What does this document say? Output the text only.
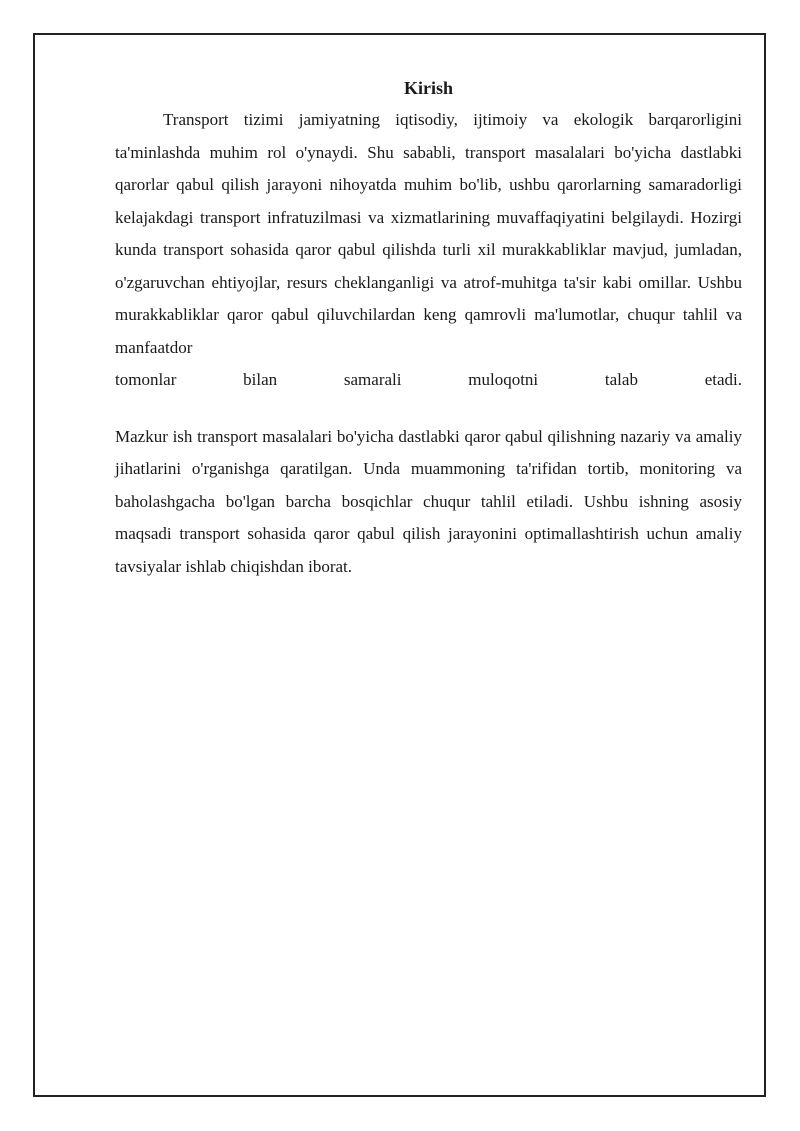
Kirish

Transport tizimi jamiyatning iqtisodiy, ijtimoiy va ekologik barqarorligini ta'minlashda muhim rol o'ynaydi. Shu sababli, transport masalalari bo'yicha dastlabki qarorlar qabul qilish jarayoni nihoyatda muhim bo'lib, ushbu qarorlarning samaradorligi kelajakdagi transport infratuzilmasi va xizmatlarining muvaffaqiyatini belgilaydi. Hozirgi kunda transport sohasida qaror qabul qilishda turli xil murakkabliklar mavjud, jumladan, o'zgaruvchan ehtiyojlar, resurs cheklanganligi va atrof-muhitga ta'sir kabi omillar. Ushbu murakkabliklar qaror qabul qiluvchilardan keng qamrovli ma'lumotlar, chuqur tahlil va manfaatdor

tomonlar bilan samarali muloqotni talab etadi.

Mazkur ish transport masalalari bo'yicha dastlabki qaror qabul qilishning nazariy va amaliy jihatlarini o'rganishga qaratilgan. Unda muammoning ta'rifidan tortib, monitoring va baholashgacha bo'lgan barcha bosqichlar chuqur tahlil etiladi. Ushbu ishning asosiy maqsadi transport sohasida qaror qabul qilish jarayonini optimallashtirish uchun amaliy tavsiyalar ishlab chiqishdan iborat.
